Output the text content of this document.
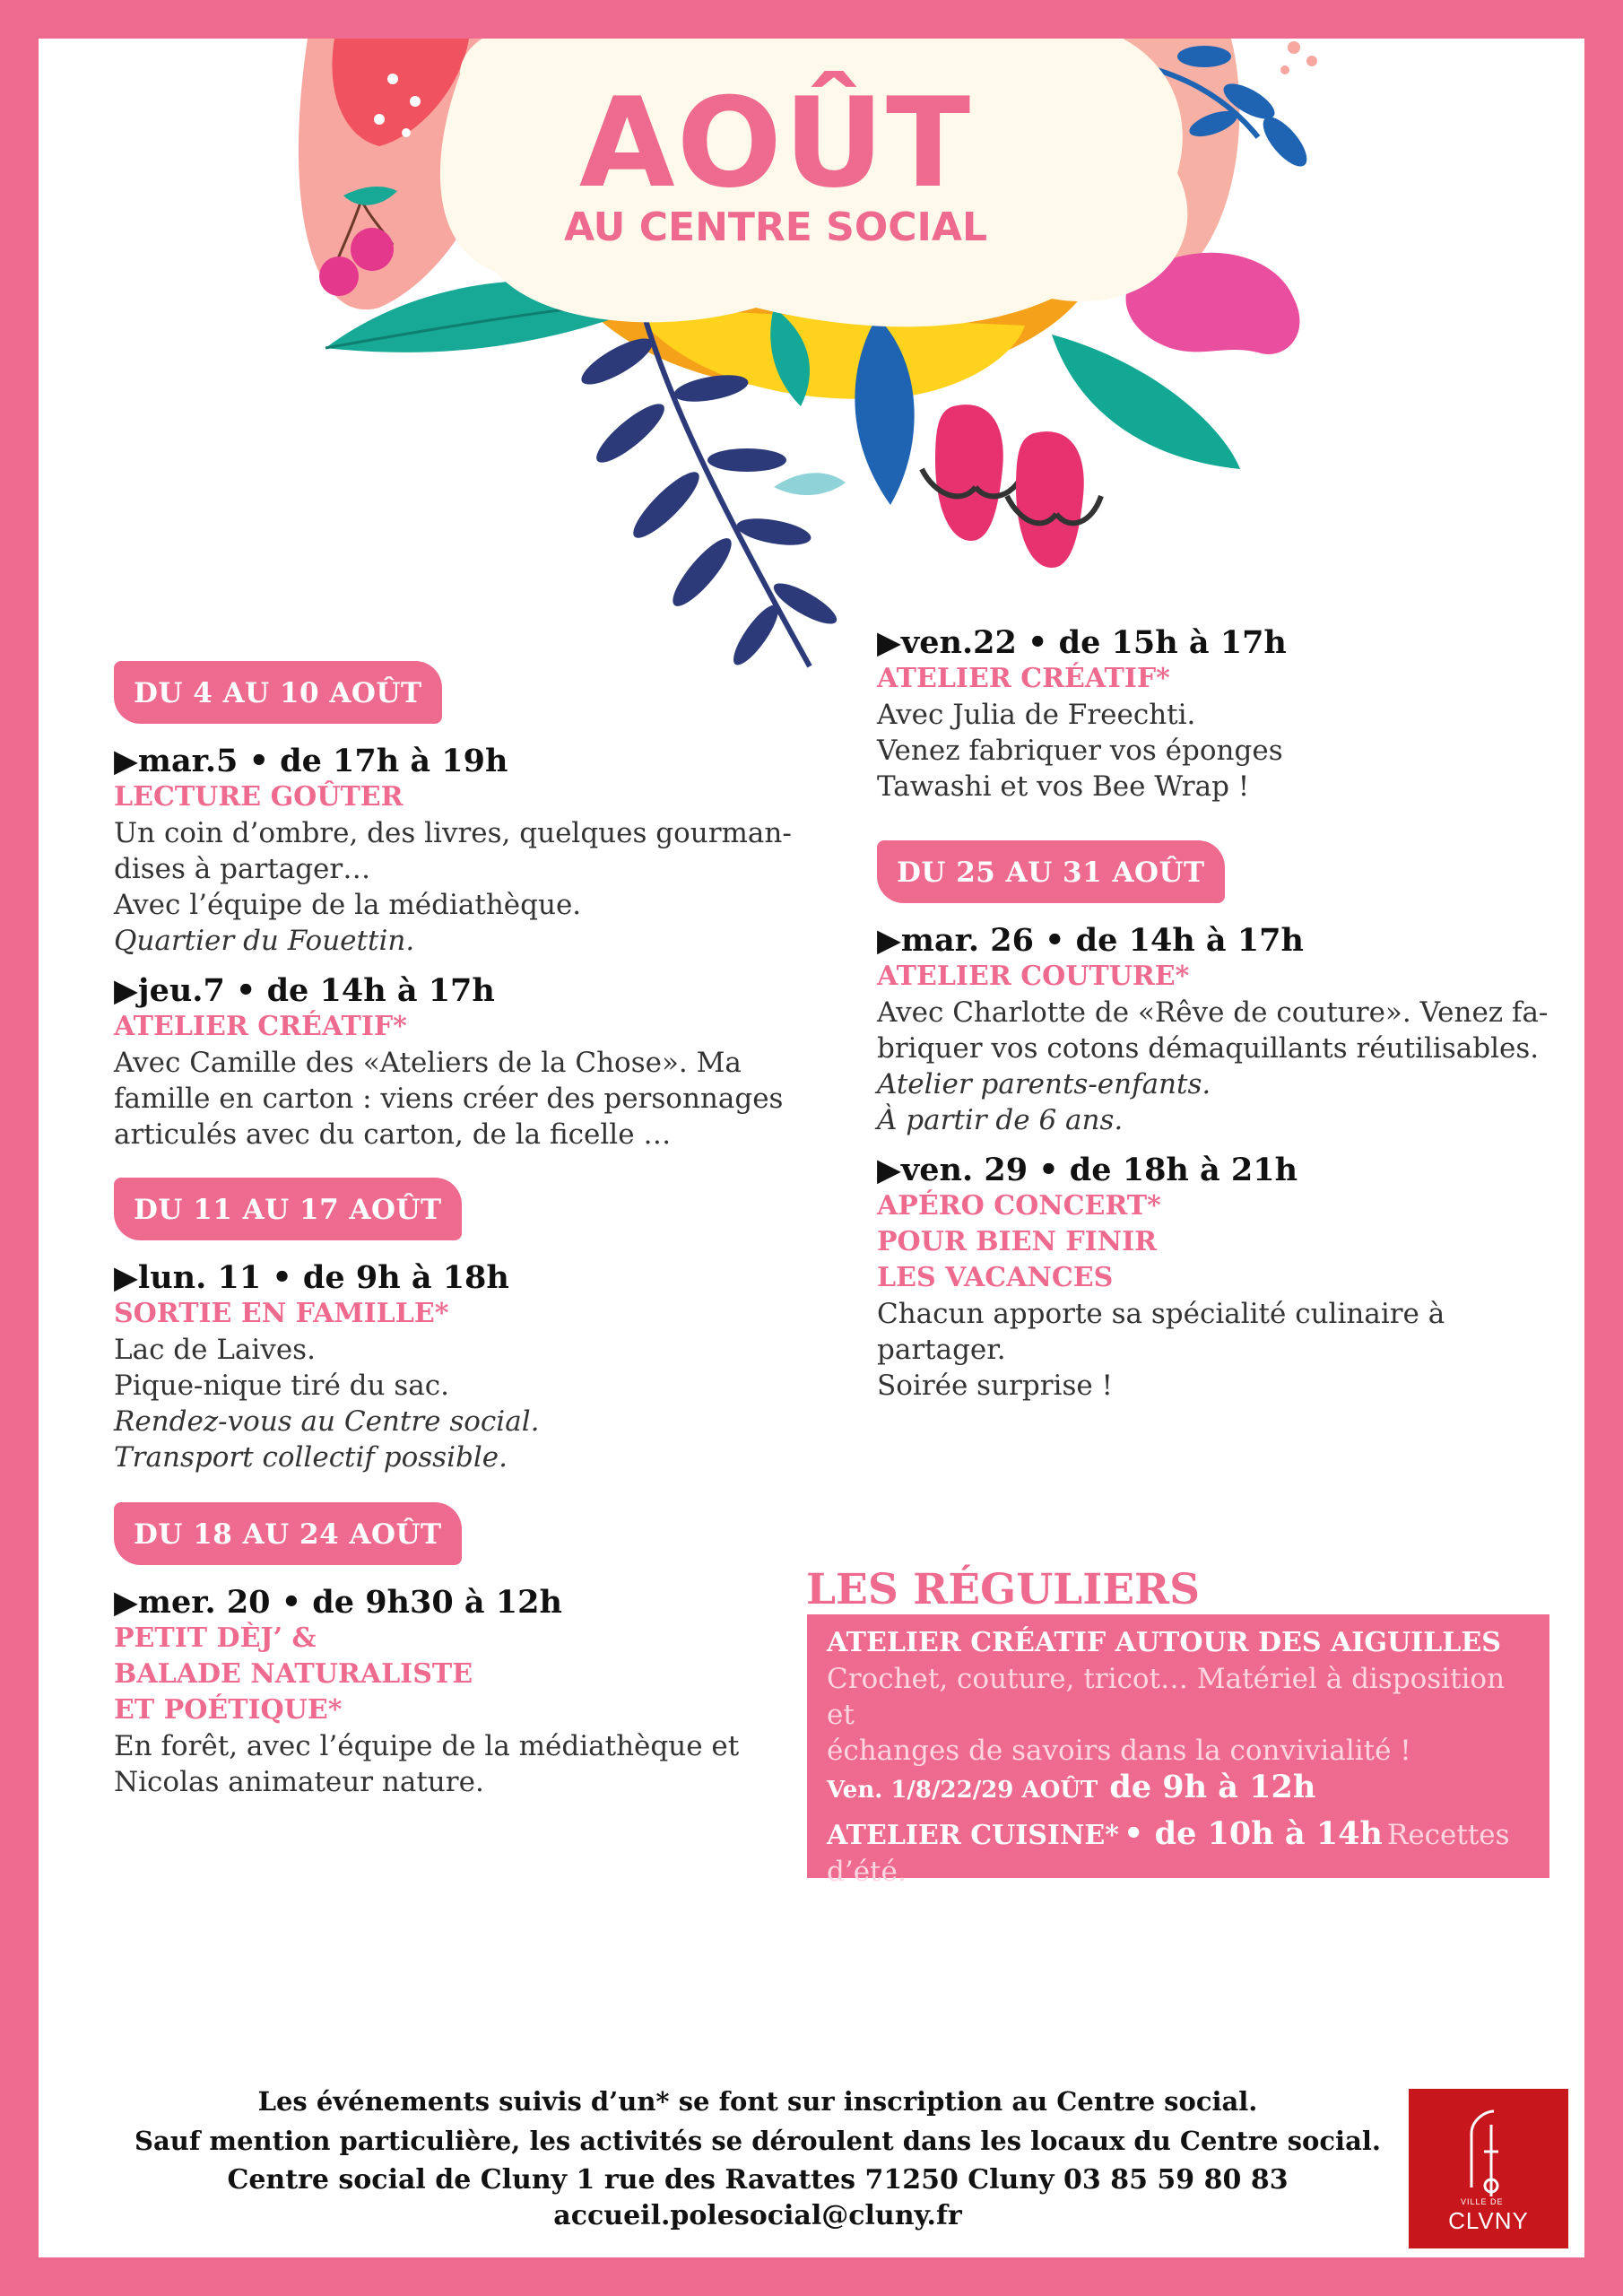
AOÛT
AU CENTRE SOCIAL
DU 4 AU 10 AOÛT
▶mar.5 • de 17h à 19h
LECTURE GOÛTER
Un coin d’ombre, des livres, quelques gourman-
dises à partager…
Avec l’équipe de la médiathèque.
Quartier du Fouettin.
▶jeu.7 • de 14h à 17h
ATELIER CRÉATIF*
Avec Camille des «Ateliers de la Chose». Ma
famille en carton : viens créer des personnages
articulés avec du carton, de la ficelle …
DU 11 AU 17 AOÛT
▶lun. 11 • de 9h à 18h
SORTIE EN FAMILLE*
Lac de Laives.
Pique-nique tiré du sac.
Rendez-vous au Centre social.
Transport collectif possible.
DU 18 AU 24 AOÛT
▶mer. 20 • de 9h30 à 12h
PETIT DÈJ’ &
BALADE NATURALISTE
ET POÉTIQUE*
En forêt, avec l’équipe de la médiathèque et
Nicolas animateur nature.
▶ven.22 • de 15h à 17h
ATELIER CRÉATIF*
Avec Julia de Freechti.
Venez fabriquer vos éponges
Tawashi et vos Bee Wrap !
DU 25 AU 31 AOÛT
▶mar. 26 • de 14h à 17h
ATELIER COUTURE*
Avec Charlotte de «Rêve de couture». Venez fa-
briquer vos cotons démaquillants réutilisables.
Atelier parents-enfants.
À partir de 6 ans.
▶ven. 29 • de 18h à 21h
APÉRO CONCERT*
POUR BIEN FINIR
LES VACANCES
Chacun apporte sa spécialité culinaire à
partager.
Soirée surprise !
LES RÉGULIERS
ATELIER CRÉATIF AUTOUR DES AIGUILLES
Crochet, couture, tricot… Matériel à disposition et
échanges de savoirs dans la convivialité !
Ven. 1/8/22/29 AOÛT de 9h à 12h
ATELIER CUISINE* • de 10h à 14h Recettes d’été.
Mer. 13 AOÛT
Les événements suivis d’un* se font sur inscription au Centre social.
Sauf mention particulière, les activités se déroulent dans les locaux du Centre social.
Centre social de Cluny 1 rue des Ravattes 71250 Cluny 03 85 59 80 83
accueil.polesocial@cluny.fr	VILLE DE
CLVNY
